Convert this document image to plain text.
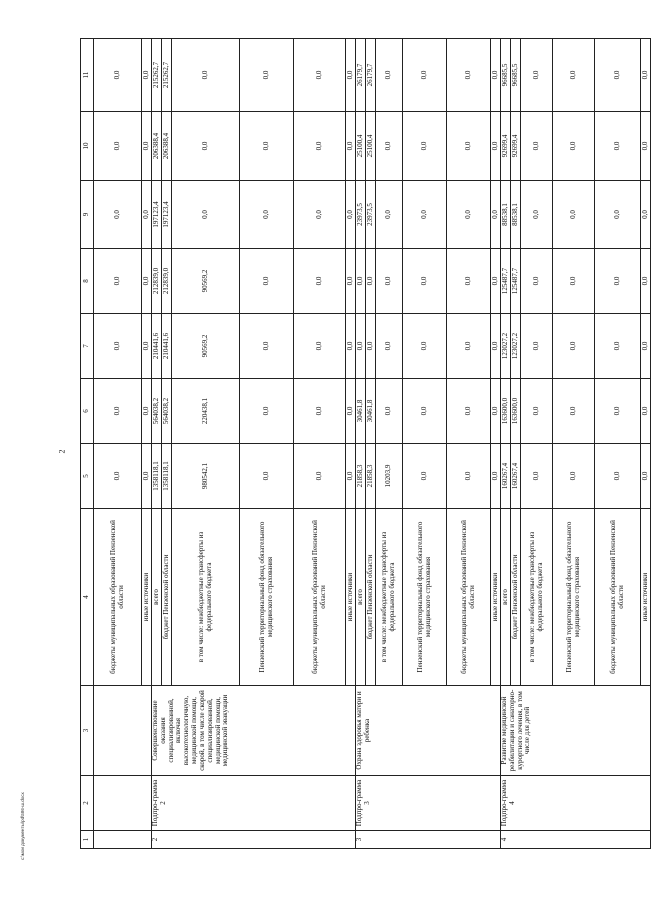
2
1	2	3	4	5	6	7	8	9	10	11
			бюджеты муниципальных образований Пензенской области	0,0	0,0	0,0	0,0	0,0	0,0	0,0
			иные источники	0,0	0,0	0,0	0,0	0,0	0,0	0,0
2	Подпро-грамма 2	Совершенствование оказания специализированной, включая высокотехнологичную, медицинской помощи, скорой, в том числе скорой специализированной, медицинской помощи, медицинской эвакуации	всего	1358118,1	564038,2	210441,6	212839,0	197123,4	206388,4	215262,7
			бюджет Пензенской области	1358118,1	564038,2	210441,6	212839,0	197123,4	206388,4	215262,7
			в том числе: межбюджетные трансферты из федерального бюджета	980542,1	220438,1	90569,2	90569,2	0,0	0,0	0,0
			Пензенский территориальный фонд обязательного медицинского страхования	0,0	0,0	0,0	0,0	0,0	0,0	0,0
			бюджеты муниципальных образований Пензенской области	0,0	0,0	0,0	0,0	0,0	0,0	0,0
			иные источники	0,0	0,0	0,0	0,0	0,0	0,0	0,0
3	Подпро-грамма 3	Охрана здоровья матери и ребенка	всего	21858,3	30461,8	0,0	0,0	23973,5	25100,4	26179,7
			бюджет Пензенской области	21858,3	30461,8	0,0	0,0	23973,5	25100,4	26179,7
			в том числе: межбюджетные трансферты из федерального бюджета	10203,9	0,0	0,0	0,0	0,0	0,0	0,0
			Пензенский территориальный фонд обязательного медицинского страхования	0,0	0,0	0,0	0,0	0,0	0,0	0,0
			бюджеты муниципальных образований Пензенской области	0,0	0,0	0,0	0,0	0,0	0,0	0,0
			иные источники	0,0	0,0	0,0	0,0	0,0	0,0	0,0
4	Подпро-грамма 4	Развитие медицинской реабилитации и санаторно-курортного лечения, в том числе для детей	всего	160267,4	163600,0	123027,2	125487,7	88538,1	92699,4	96685,5
			бюджет Пензенской области	160267,4	163600,0	123027,2	125487,7	88538,1	92699,4	96685,5
			в том числе: межбюджетные трансферты из федерального бюджета	0,0	0,0	0,0	0,0	0,0	0,0	0,0
			Пензенский территориальный фонд обязательного медицинского страхования	0,0	0,0	0,0	0,0	0,0	0,0	0,0
			бюджеты муниципальных образований Пензенской области	0,0	0,0	0,0	0,0	0,0	0,0	0,0
			иные источники	0,0	0,0	0,0	0,0	0,0	0,0	0,0
с:\мои документы\рd\586-ш.docx
